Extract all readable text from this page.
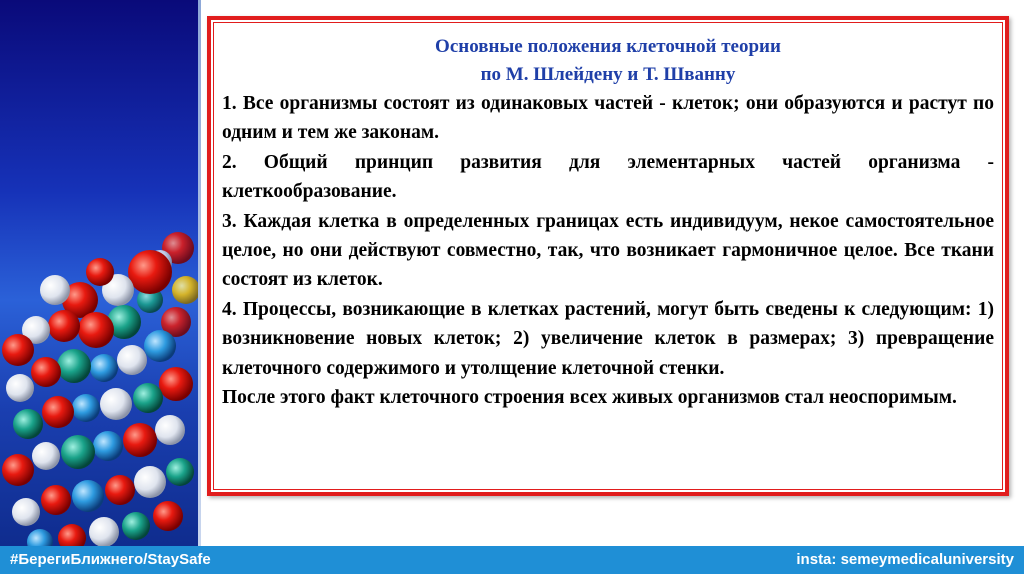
Основные положения клеточной теории

по М. Шлейдену и Т. Шванну

1. Все организмы состоят из одинаковых частей - клеток; они образуются и растут по одним и тем же законам.

2. Общий принцип развития для элементарных частей организма - клеткообразование.

3. Каждая клетка в определенных границах есть индивидуум, некое самостоятельное целое, но они действуют совместно, так, что возникает гармоничное целое. Все ткани состоят из клеток.

4. Процессы, возникающие в клетках растений, могут быть сведены к следующим: 1) возникновение новых клеток; 2) увеличение клеток в размерах; 3) превращение клеточного содержимого и утолщение клеточной стенки.

После этого факт клеточного строения всех живых организмов стал неоспоримым.

#БерегиБлижнего/StaySafe	insta: semeymedicaluniversity
